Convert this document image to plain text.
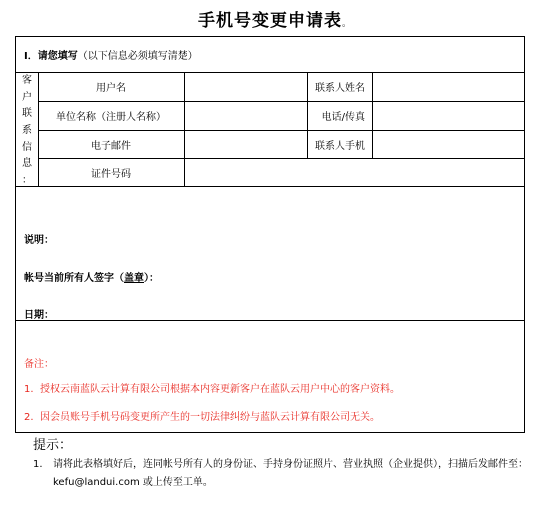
手机号变更申请表。
I．请您填写（以下信息必须填写清楚）
客
户
联
系
信
息
：
用户名	联系人姓名
单位名称（注册人名称）	电话/传真
电子邮件	联系人手机
证件号码
说明：
帐号当前所有人签字（盖章）：
日期：
备注：
1. 授权云南蓝队云计算有限公司根据本内容更新客户在蓝队云用户中心的客户资料。
2. 因会员账号手机号码变更所产生的一切法律纠纷与蓝队云计算有限公司无关。
提示：
1. 请将此表格填好后，连同帐号所有人的身份证、手持身份证照片、营业执照（企业提供），扫描后发邮件至：kefu@landui.com 或上传至工单。
